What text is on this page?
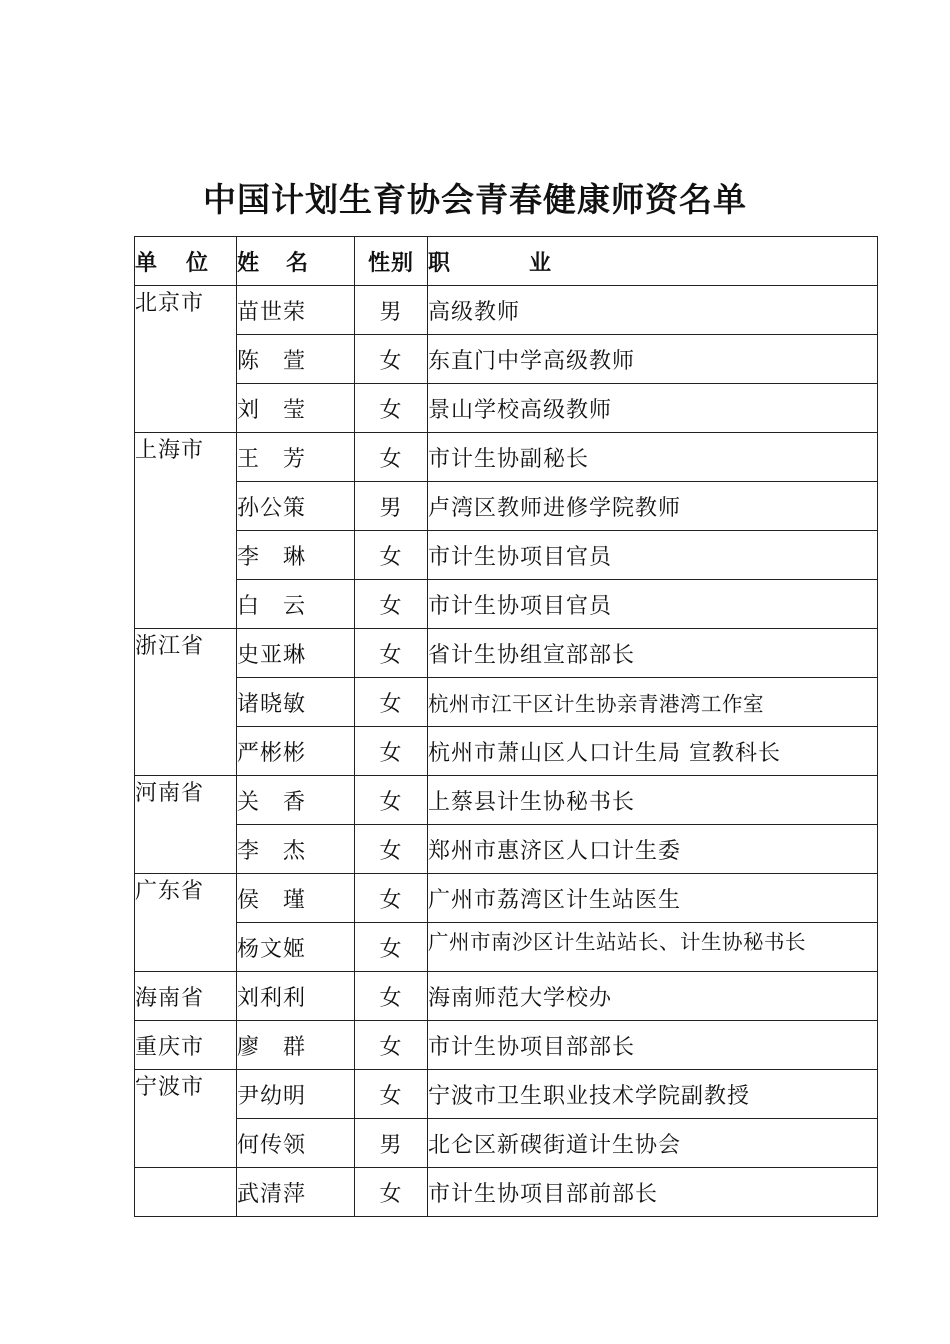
中国计划生育协会青春健康师资名单
单 位	姓 名	性别	职 业
北京市	苗世荣	男	高级教师
	陈　萱	女	东直门中学高级教师
	刘　莹	女	景山学校高级教师
上海市	王　芳	女	市计生协副秘长
	孙公策	男	卢湾区教师进修学院教师
	李　琳	女	市计生协项目官员
	白　云	女	市计生协项目官员
浙江省	史亚琳	女	省计生协组宣部部长
	诸晓敏	女	杭州市江干区计生协亲青港湾工作室
	严彬彬	女	杭州市萧山区人口计生局 宣教科长
河南省	关　香	女	上蔡县计生协秘书长
	李　杰	女	郑州市惠济区人口计生委
广东省	侯　瑾	女	广州市荔湾区计生站医生
	杨文姬	女	广州市南沙区计生站站长、计生协秘书长
海南省	刘利利	女	海南师范大学校办
重庆市	廖　群	女	市计生协项目部部长
宁波市	尹幼明	女	宁波市卫生职业技术学院副教授
	何传领	男	北仑区新碶街道计生协会
	武清萍	女	市计生协项目部前部长
